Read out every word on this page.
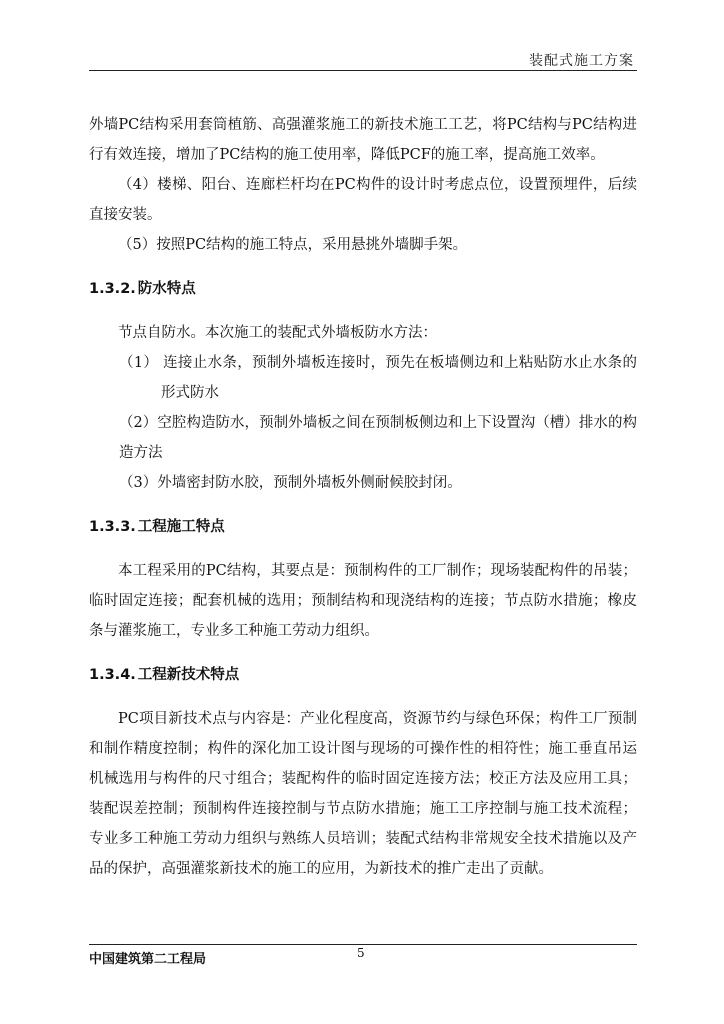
装配式施工方案

外墙PC结构采用套筒植筋、高强灌浆施工的新技术施工工艺，将PC结构与PC结构进行有效连接，增加了PC结构的施工使用率，降低PCF的施工率，提高施工效率。

（4）楼梯、阳台、连廊栏杆均在PC构件的设计时考虑点位，设置预埋件，后续直接安装。

（5）按照PC结构的施工特点，采用悬挑外墙脚手架。

1.3.2. 防水特点

节点自防水。本次施工的装配式外墙板防水方法：

（1） 连接止水条，预制外墙板连接时，预先在板墙侧边和上粘贴防水止水条的形式防水

（2）空腔构造防水，预制外墙板之间在预制板侧边和上下设置沟（槽）排水的构造方法

（3）外墙密封防水胶，预制外墙板外侧耐候胶封闭。

1.3.3. 工程施工特点

本工程采用的PC结构，其要点是：预制构件的工厂制作；现场装配构件的吊装；临时固定连接；配套机械的选用；预制结构和现浇结构的连接；节点防水措施；橡皮条与灌浆施工，专业多工种施工劳动力组织。

1.3.4. 工程新技术特点

PC项目新技术点与内容是：产业化程度高，资源节约与绿色环保；构件工厂预制和制作精度控制；构件的深化加工设计图与现场的可操作性的相符性；施工垂直吊运机械选用与构件的尺寸组合；装配构件的临时固定连接方法；校正方法及应用工具；装配误差控制；预制构件连接控制与节点防水措施；施工工序控制与施工技术流程；专业多工种施工劳动力组织与熟练人员培训；装配式结构非常规安全技术措施以及产品的保护，高强灌浆新技术的施工的应用，为新技术的推广走出了贡献。

中国建筑第二工程局	5
